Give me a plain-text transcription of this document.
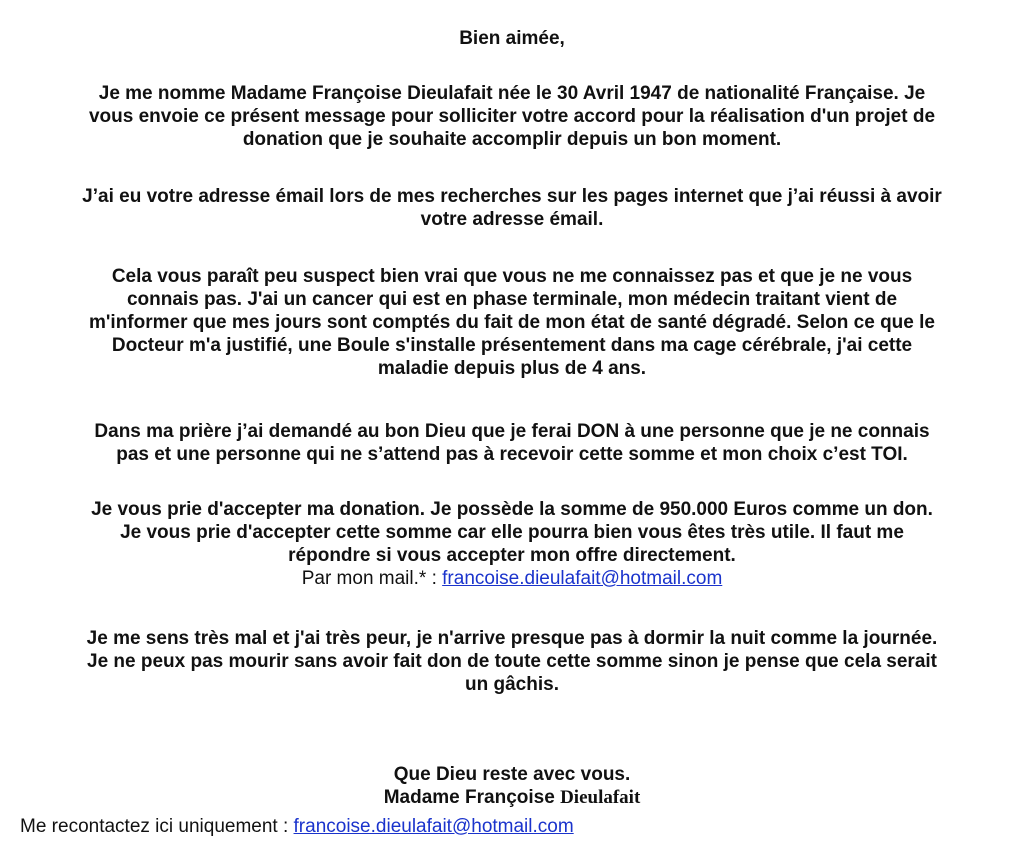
Bien aimée,

Je me nomme Madame Françoise Dieulafait née le 30 Avril 1947 de nationalité Française. Je
vous envoie ce présent message pour solliciter votre accord pour la réalisation d'un projet de
donation que je souhaite accomplir depuis un bon moment.

J’ai eu votre adresse émail lors de mes recherches sur les pages internet que j’ai réussi à avoir
votre adresse émail.

Cela vous paraît peu suspect bien vrai que vous ne me connaissez pas et que je ne vous
connais pas. J'ai un cancer qui est en phase terminale, mon médecin traitant vient de
m'informer que mes jours sont comptés du fait de mon état de santé dégradé. Selon ce que le
Docteur m'a justifié, une Boule s'installe présentement dans ma cage cérébrale, j'ai cette
maladie depuis plus de 4 ans.

Dans ma prière j’ai demandé au bon Dieu que je ferai DON à une personne que je ne connais
pas et une personne qui ne s’attend pas à recevoir cette somme et mon choix c’est TOI.

Je vous prie d'accepter ma donation. Je possède la somme de 950.000 Euros comme un don.
Je vous prie d'accepter cette somme car elle pourra bien vous êtes très utile. Il faut me
répondre si vous accepter mon offre directement.
Par mon mail.* : francoise.dieulafait@hotmail.com

Je me sens très mal et j'ai très peur, je n'arrive presque pas à dormir la nuit comme la journée.
Je ne peux pas mourir sans avoir fait don de toute cette somme sinon je pense que cela serait
un gâchis.

Que Dieu reste avec vous.
Madame Françoise Dieulafait

Me recontactez ici uniquement : francoise.dieulafait@hotmail.com
